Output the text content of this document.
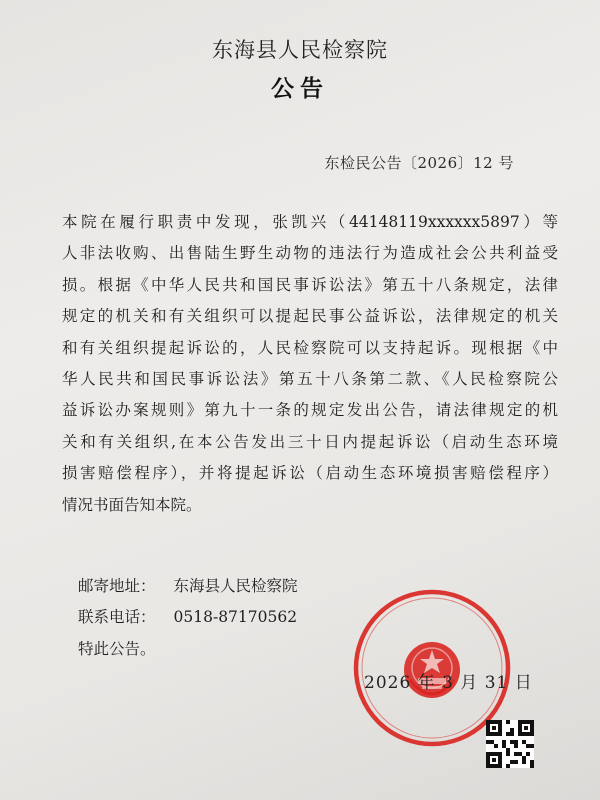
东海县人民检察院
公告
东检民公告〔2026〕12 号
本院在履行职责中发现，张凯兴（44148119xxxxxx5897）等
人非法收购、出售陆生野生动物的违法行为造成社会公共利益受
损。根据《中华人民共和国民事诉讼法》第五十八条规定，法律
规定的机关和有关组织可以提起民事公益诉讼，法律规定的机关
和有关组织提起诉讼的，人民检察院可以支持起诉。现根据《中
华人民共和国民事诉讼法》第五十八条第二款、《人民检察院公
益诉讼办案规则》第九十一条的规定发出公告，请法律规定的机
关和有关组织,在本公告发出三十日内提起诉讼（启动生态环境
损害赔偿程序），并将提起诉讼（启动生态环境损害赔偿程序）
情况书面告知本院。
邮寄地址： 东海县人民检察院
联系电话： 0518-87170562
特此公告。
2026 年 3 月 31 日
